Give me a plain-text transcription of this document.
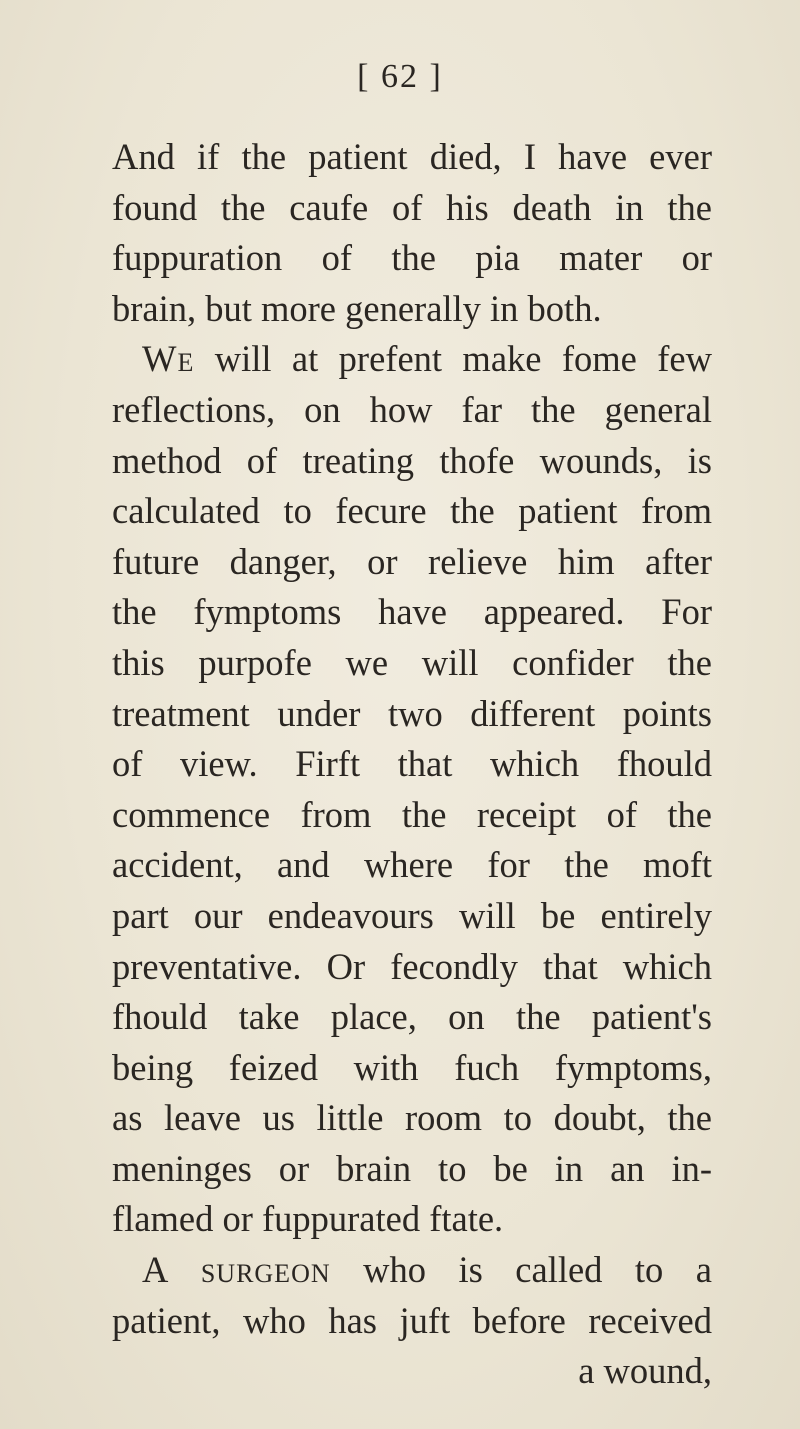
[ 62 ]
And if the patient died, I have ever
found the caufe of his death in the
fuppuration of the pia mater or
brain, but more generally in both.
We will at prefent make fome few
reflections, on how far the general
method of treating thofe wounds, is
calculated to fecure the patient from
future danger, or relieve him after
the fymptoms have appeared. For
this purpofe we will confider the
treatment under two different points
of view. Firft that which fhould
commence from the receipt of the
accident, and where for the moft
part our endeavours will be entirely
preventative. Or fecondly that which
fhould take place, on the patient's
being feized with fuch fymptoms,
as leave us little room to doubt, the
meninges or brain to be in an in-
flamed or fuppurated ftate.
A surgeon who is called to a
patient, who has juft before received
a wound,
